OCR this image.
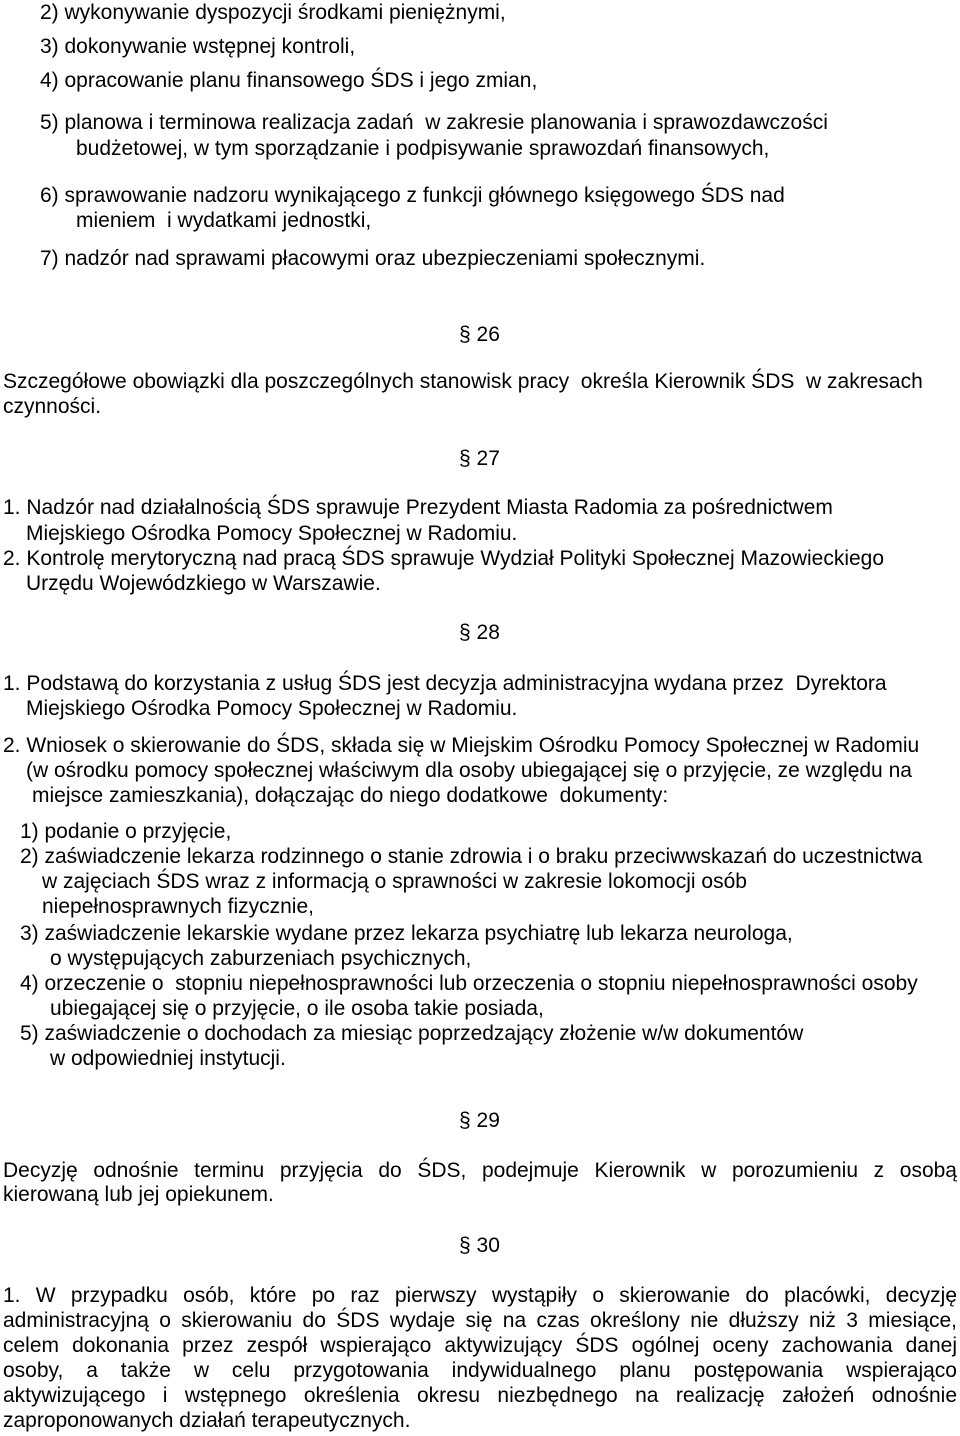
2) wykonywanie dyspozycji środkami pieniężnymi,
3) dokonywanie wstępnej kontroli,
4) opracowanie planu finansowego ŚDS i jego zmian,
5) planowa i terminowa realizacja zadań  w zakresie planowania i sprawozdawczości
budżetowej, w tym sporządzanie i podpisywanie sprawozdań finansowych,
6) sprawowanie nadzoru wynikającego z funkcji głównego księgowego ŚDS nad
mieniem  i wydatkami jednostki,
7) nadzór nad sprawami płacowymi oraz ubezpieczeniami społecznymi.
§ 26
Szczegółowe obowiązki dla poszczególnych stanowisk pracy  określa Kierownik ŚDS  w zakresach
czynności.
§ 27
1. Nadzór nad działalnością ŚDS sprawuje Prezydent Miasta Radomia za pośrednictwem
Miejskiego Ośrodka Pomocy Społecznej w Radomiu.
2. Kontrolę merytoryczną nad pracą ŚDS sprawuje Wydział Polityki Społecznej Mazowieckiego
Urzędu Wojewódzkiego w Warszawie.
§ 28
1. Podstawą do korzystania z usług ŚDS jest decyzja administracyjna wydana przez  Dyrektora
Miejskiego Ośrodka Pomocy Społecznej w Radomiu.
2. Wniosek o skierowanie do ŚDS, składa się w Miejskim Ośrodku Pomocy Społecznej w Radomiu
(w ośrodku pomocy społecznej właściwym dla osoby ubiegającej się o przyjęcie, ze względu na
miejsce zamieszkania), dołączając do niego dodatkowe  dokumenty:
1) podanie o przyjęcie,
2) zaświadczenie lekarza rodzinnego o stanie zdrowia i o braku przeciwwskazań do uczestnictwa
w zajęciach ŚDS wraz z informacją o sprawności w zakresie lokomocji osób
niepełnosprawnych fizycznie,
3) zaświadczenie lekarskie wydane przez lekarza psychiatrę lub lekarza neurologa,
o występujących zaburzeniach psychicznych,
4) orzeczenie o  stopniu niepełnosprawności lub orzeczenia o stopniu niepełnosprawności osoby
ubiegającej się o przyjęcie, o ile osoba takie posiada,
5) zaświadczenie o dochodach za miesiąc poprzedzający złożenie w/w dokumentów
w odpowiedniej instytucji.
§ 29
Decyzję odnośnie terminu przyjęcia do ŚDS, podejmuje Kierownik w porozumieniu z osobą
kierowaną lub jej opiekunem.
§ 30
1. W przypadku osób, które po raz pierwszy wystąpiły o skierowanie do placówki, decyzję
administracyjną o skierowaniu do ŚDS wydaje się na czas określony nie dłuższy niż 3 miesiące,
celem dokonania przez zespół wspierająco aktywizujący ŚDS ogólnej oceny zachowania danej
osoby, a także w celu przygotowania indywidualnego planu postępowania wspierająco
aktywizującego i wstępnego określenia okresu niezbędnego na realizację założeń odnośnie
zaproponowanych działań terapeutycznych.
